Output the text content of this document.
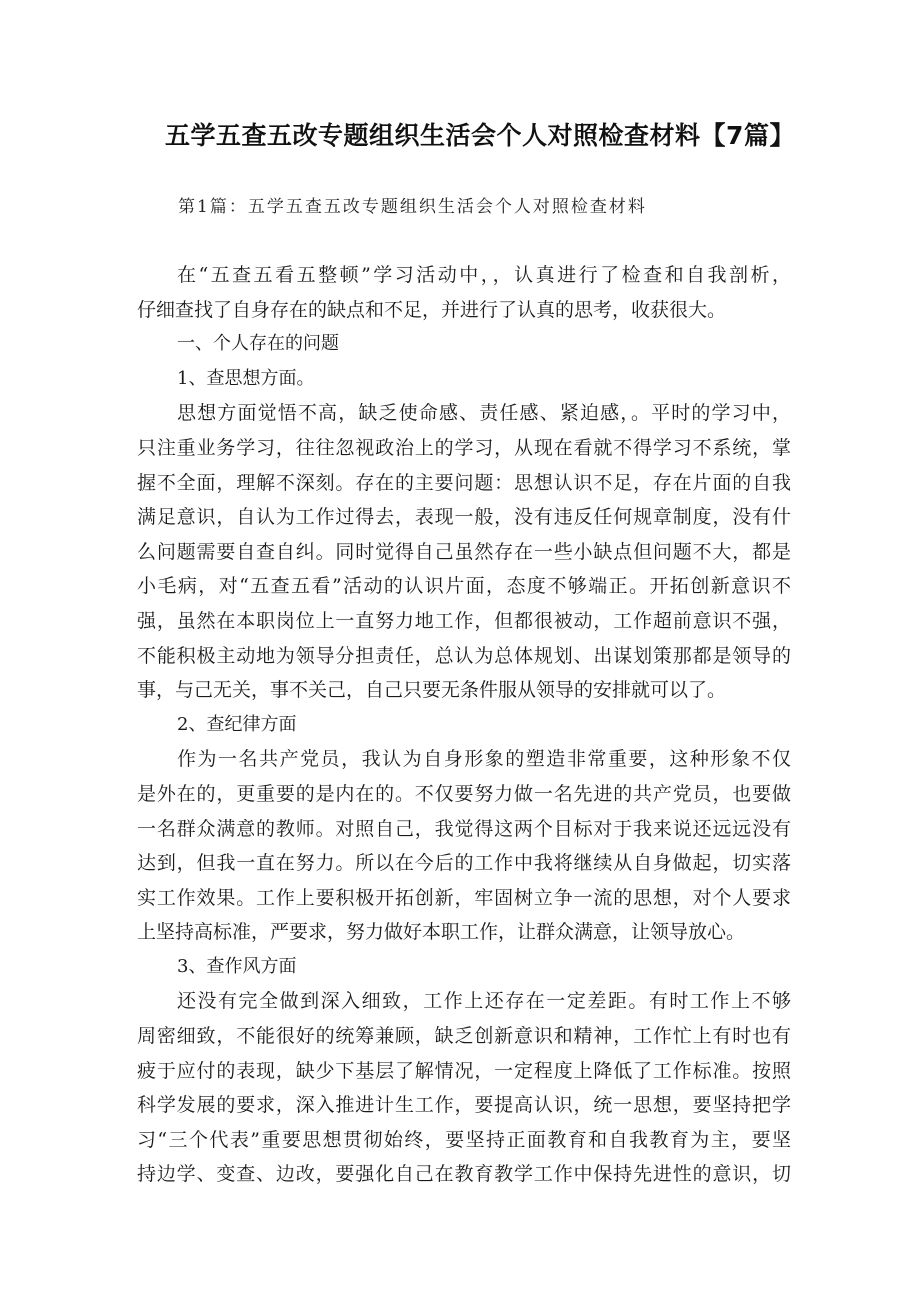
五学五查五改专题组织生活会个人对照检查材料【7篇】
第1篇：五学五查五改专题组织生活会个人对照检查材料
在“五查五看五整顿”学习活动中，，认真进行了检查和自我剖析，
仔细查找了自身存在的缺点和不足，并进行了认真的思考，收获很大。
一、个人存在的问题
1、查思想方面。
思想方面觉悟不高，缺乏使命感、责任感、紧迫感，。平时的学习中，
只注重业务学习，往往忽视政治上的学习，从现在看就不得学习不系统，掌
握不全面，理解不深刻。存在的主要问题：思想认识不足，存在片面的自我
满足意识，自认为工作过得去，表现一般，没有违反任何规章制度，没有什
么问题需要自查自纠。同时觉得自己虽然存在一些小缺点但问题不大，都是
小毛病，对“五查五看”活动的认识片面，态度不够端正。开拓创新意识不
强，虽然在本职岗位上一直努力地工作，但都很被动，工作超前意识不强，
不能积极主动地为领导分担责任，总认为总体规划、出谋划策那都是领导的
事，与己无关，事不关己，自己只要无条件服从领导的安排就可以了。
2、查纪律方面
作为一名共产党员，我认为自身形象的塑造非常重要，这种形象不仅
是外在的，更重要的是内在的。不仅要努力做一名先进的共产党员，也要做
一名群众满意的教师。对照自己，我觉得这两个目标对于我来说还远远没有
达到，但我一直在努力。所以在今后的工作中我将继续从自身做起，切实落
实工作效果。工作上要积极开拓创新，牢固树立争一流的思想，对个人要求
上坚持高标准，严要求，努力做好本职工作，让群众满意，让领导放心。
3、查作风方面
还没有完全做到深入细致，工作上还存在一定差距。有时工作上不够
周密细致，不能很好的统筹兼顾，缺乏创新意识和精神，工作忙上有时也有
疲于应付的表现，缺少下基层了解情况，一定程度上降低了工作标准。按照
科学发展的要求，深入推进计生工作，要提高认识，统一思想，要坚持把学
习“三个代表”重要思想贯彻始终，要坚持正面教育和自我教育为主，要坚
持边学、变查、边改，要强化自己在教育教学工作中保持先进性的意识，切
